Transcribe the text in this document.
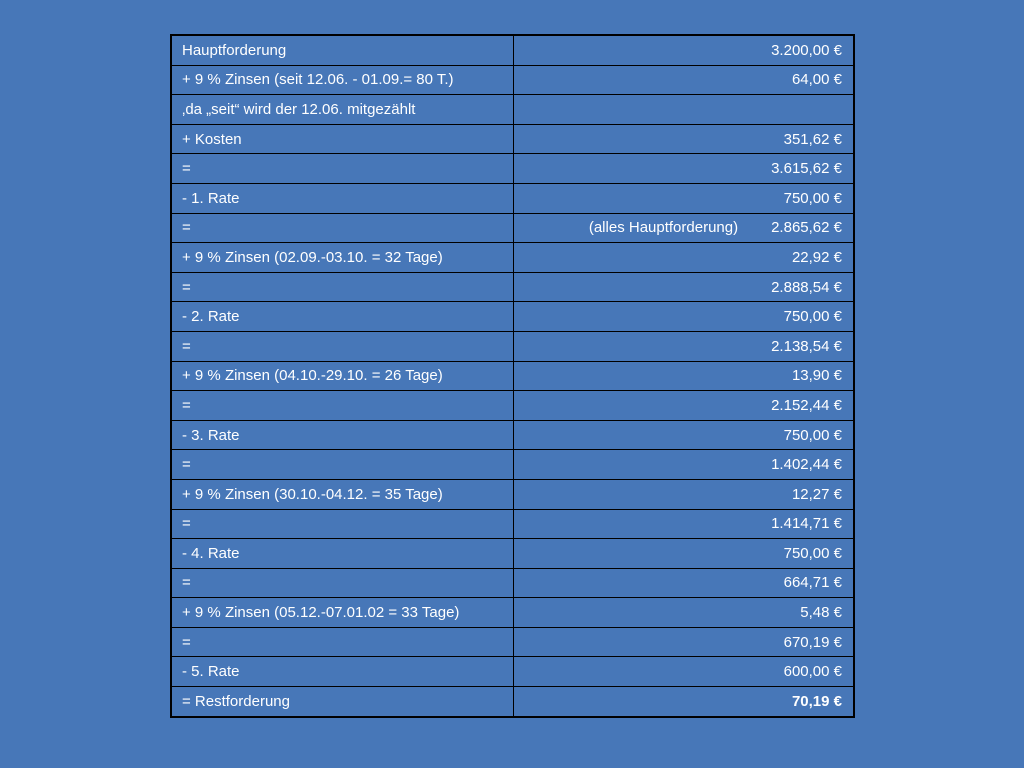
Hauptforderung	3.200,00 €
+ 9 % Zinsen (seit 12.06. - 01.09.= 80 T.)	64,00 €
‚da „seit“ wird der 12.06. mitgezählt	
+ Kosten	351,62 €
=	3.615,62 €
- 1. Rate	750,00 €
=	(alles Hauptforderung) 2.865,62 €
+ 9 % Zinsen (02.09.-03.10. = 32 Tage)	22,92 €
=	2.888,54 €
- 2. Rate	750,00 €
=	2.138,54 €
+ 9 % Zinsen (04.10.-29.10. = 26 Tage)	13,90 €
=	2.152,44 €
- 3. Rate	750,00 €
=	1.402,44 €
+ 9 % Zinsen (30.10.-04.12. = 35 Tage)	12,27 €
=	1.414,71 €
- 4. Rate	750,00 €
=	664,71 €
+ 9 % Zinsen (05.12.-07.01.02 = 33 Tage)	5,48 €
=	670,19 €
- 5. Rate	600,00 €
= Restforderung	70,19 €
